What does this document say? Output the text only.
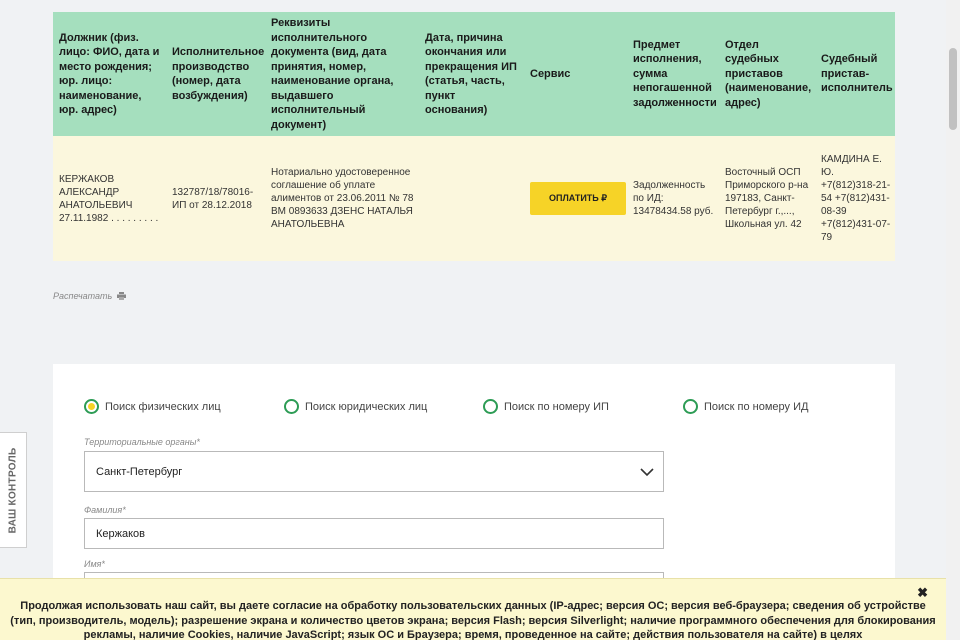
Должник (физ. лицо: ФИО, дата и место рождения; юр. лицо: наименование, юр. адрес)	Исполнительное производство (номер, дата возбуждения)	Реквизиты исполнительного документа (вид, дата принятия, номер, наименование органа, выдавшего исполнительный документ)	Дата, причина окончания или прекращения ИП (статья, часть, пункт основания)	Сервис	Предмет исполнения, сумма непогашенной задолженности	Отдел судебных приставов (наименование, адрес)	Судебный пристав-исполнитель
КЕРЖАКОВ АЛЕКСАНДР АНАТОЛЬЕВИЧ 27.11.1982 . . . . . . . . .	132787/18/78016-ИП от 28.12.2018	Нотариально удостоверенное соглашение об уплате алиментов от 23.06.2011 № 78 ВМ 0893633 ДЗЕНС НАТАЛЬЯ АНАТОЛЬЕВНА		ОПЛАТИТЬ ₽	Задолженность по ИД: 13478434.58 руб.	Восточный ОСП Приморского р-на 197183, Санкт-Петербург г.,..., Школьная ул. 42	КАМДИНА Е. Ю.
+7(812)318-21-54 +7(812)431-08-39 +7(812)431-07-79
Распечатать
ВАШ КОНТРОЛЬ
Поиск физических лиц	Поиск юридических лиц	Поиск по номеру ИП	Поиск по номеру ИД
Территориальные органы*
Санкт-Петербург
Фамилия*
Кержаков
Имя*
✖
Продолжая использовать наш сайт, вы даете согласие на обработку пользовательских данных (IP-адрес; версия ОС; версия веб-браузера; сведения об устройстве (тип, производитель, модель); разрешение экрана и количество цветов экрана; версия Flash; версия Silverlight; наличие программного обеспечения для блокирования рекламы, наличие Cookies, наличие JavaScript; язык ОС и Браузера; время, проведенное на сайте; действия пользователя на сайте) в целях
